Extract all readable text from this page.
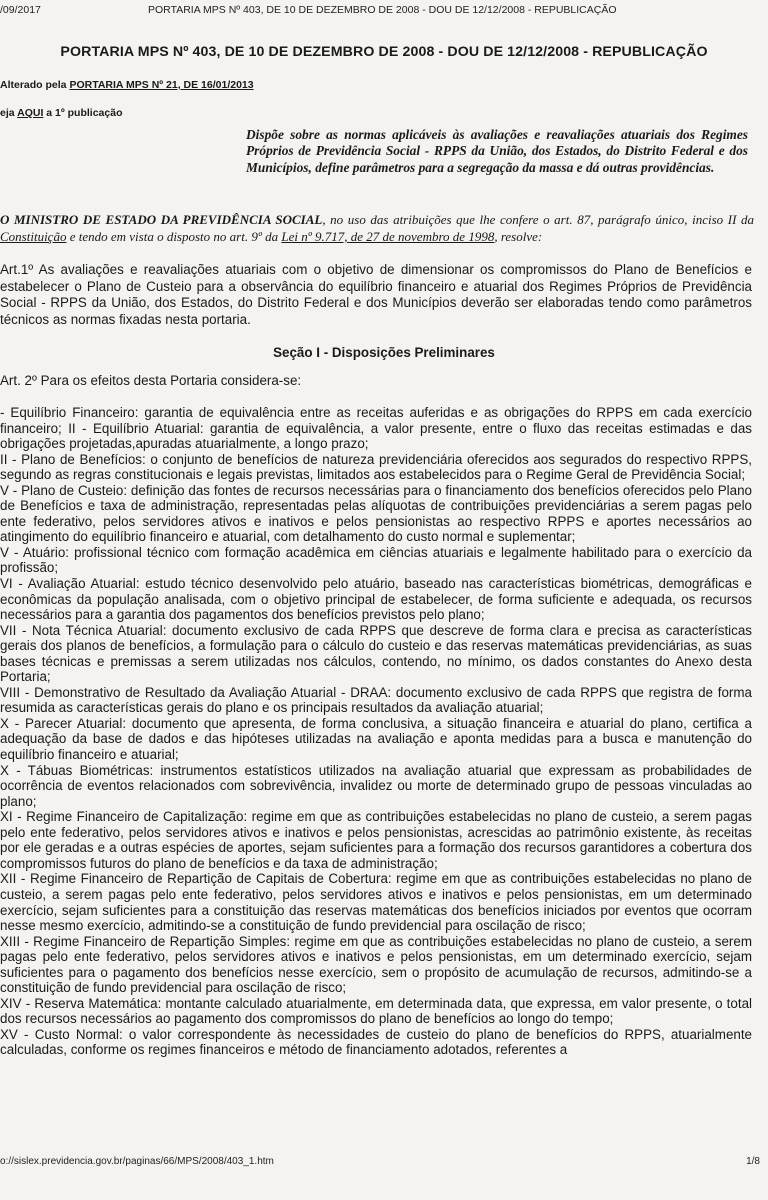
/09/2017	PORTARIA MPS Nº 403, DE 10 DE DEZEMBRO DE 2008 - DOU DE 12/12/2008 - REPUBLICAÇÃO
PORTARIA MPS Nº 403, DE 10 DE DEZEMBRO DE 2008 - DOU DE 12/12/2008 - REPUBLICAÇÃO
Alterado pela PORTARIA MPS Nº 21, DE 16/01/2013
eja AQUI a 1º publicação
Dispõe sobre as normas aplicáveis às avaliações e reavaliações atuariais dos Regimes Próprios de Previdência Social - RPPS da União, dos Estados, do Distrito Federal e dos Municípios, define parâmetros para a segregação da massa e dá outras providências.
O MINISTRO DE ESTADO DA PREVIDÊNCIA SOCIAL, no uso das atribuições que lhe confere o art. 87, parágrafo único, inciso II da Constituição e tendo em vista o disposto no art. 9º da Lei nº 9.717, de 27 de novembro de 1998, resolve:
Art.1º As avaliações e reavaliações atuariais com o objetivo de dimensionar os compromissos do Plano de Benefícios e estabelecer o Plano de Custeio para a observância do equilíbrio financeiro e atuarial dos Regimes Próprios de Previdência Social - RPPS da União, dos Estados, do Distrito Federal e dos Municípios deverão ser elaboradas tendo como parâmetros técnicos as normas fixadas nesta portaria.
Seção I - Disposições Preliminares
Art. 2º Para os efeitos desta Portaria considera-se:

- Equilíbrio Financeiro: garantia de equivalência entre as receitas auferidas e as obrigações do RPPS em cada exercício financeiro; II - Equilíbrio Atuarial: garantia de equivalência, a valor presente, entre o fluxo das receitas estimadas e das obrigações projetadas,apuradas atuarialmente, a longo prazo;

II - Plano de Benefícios: o conjunto de benefícios de natureza previdenciária oferecidos aos segurados do respectivo RPPS, segundo as regras constitucionais e legais previstas, limitados aos estabelecidos para o Regime Geral de Previdência Social;

V - Plano de Custeio: definição das fontes de recursos necessárias para o financiamento dos benefícios oferecidos pelo Plano de Benefícios e taxa de administração, representadas pelas alíquotas de contribuições previdenciárias a serem pagas pelo ente federativo, pelos servidores ativos e inativos e pelos pensionistas ao respectivo RPPS e aportes necessários ao atingimento do equilíbrio financeiro e atuarial, com detalhamento do custo normal e suplementar;

V - Atuário: profissional técnico com formação acadêmica em ciências atuariais e legalmente habilitado para o exercício da profissão;

VI - Avaliação Atuarial: estudo técnico desenvolvido pelo atuário, baseado nas características biométricas, demográficas e econômicas da população analisada, com o objetivo principal de estabelecer, de forma suficiente e adequada, os recursos necessários para a garantia dos pagamentos dos benefícios previstos pelo plano;

VII - Nota Técnica Atuarial: documento exclusivo de cada RPPS que descreve de forma clara e precisa as características gerais dos planos de benefícios, a formulação para o cálculo do custeio e das reservas matemáticas previdenciárias, as suas bases técnicas e premissas a serem utilizadas nos cálculos, contendo, no mínimo, os dados constantes do Anexo desta Portaria;

VIII - Demonstrativo de Resultado da Avaliação Atuarial - DRAA: documento exclusivo de cada RPPS que registra de forma resumida as características gerais do plano e os principais resultados da avaliação atuarial;

X - Parecer Atuarial: documento que apresenta, de forma conclusiva, a situação financeira e atuarial do plano, certifica a adequação da base de dados e das hipóteses utilizadas na avaliação e aponta medidas para a busca e manutenção do equilíbrio financeiro e atuarial;

X - Tábuas Biométricas: instrumentos estatísticos utilizados na avaliação atuarial que expressam as probabilidades de ocorrência de eventos relacionados com sobrevivência, invalidez ou morte de determinado grupo de pessoas vinculadas ao plano;

XI - Regime Financeiro de Capitalização: regime em que as contribuições estabelecidas no plano de custeio, a serem pagas pelo ente federativo, pelos servidores ativos e inativos e pelos pensionistas, acrescidas ao patrimônio existente, às receitas por ele geradas e a outras espécies de aportes, sejam suficientes para a formação dos recursos garantidores a cobertura dos compromissos futuros do plano de benefícios e da taxa de administração;

XII - Regime Financeiro de Repartição de Capitais de Cobertura: regime em que as contribuições estabelecidas no plano de custeio, a serem pagas pelo ente federativo, pelos servidores ativos e inativos e pelos pensionistas, em um determinado exercício, sejam suficientes para a constituição das reservas matemáticas dos benefícios iniciados por eventos que ocorram nesse mesmo exercício, admitindo-se a constituição de fundo previdencial para oscilação de risco;

XIII - Regime Financeiro de Repartição Simples: regime em que as contribuições estabelecidas no plano de custeio, a serem pagas pelo ente federativo, pelos servidores ativos e inativos e pelos pensionistas, em um determinado exercício, sejam suficientes para o pagamento dos benefícios nesse exercício, sem o propósito de acumulação de recursos, admitindo-se a constituição de fundo previdencial para oscilação de risco;

XIV - Reserva Matemática: montante calculado atuarialmente, em determinada data, que expressa, em valor presente, o total dos recursos necessários ao pagamento dos compromissos do plano de benefícios ao longo do tempo;

XV - Custo Normal: o valor correspondente às necessidades de custeio do plano de benefícios do RPPS, atuarialmente calculadas, conforme os regimes financeiros e método de financiamento adotados, referentes a

o://sislex.previdencia.gov.br/paginas/66/MPS/2008/403_1.htm	1/8
